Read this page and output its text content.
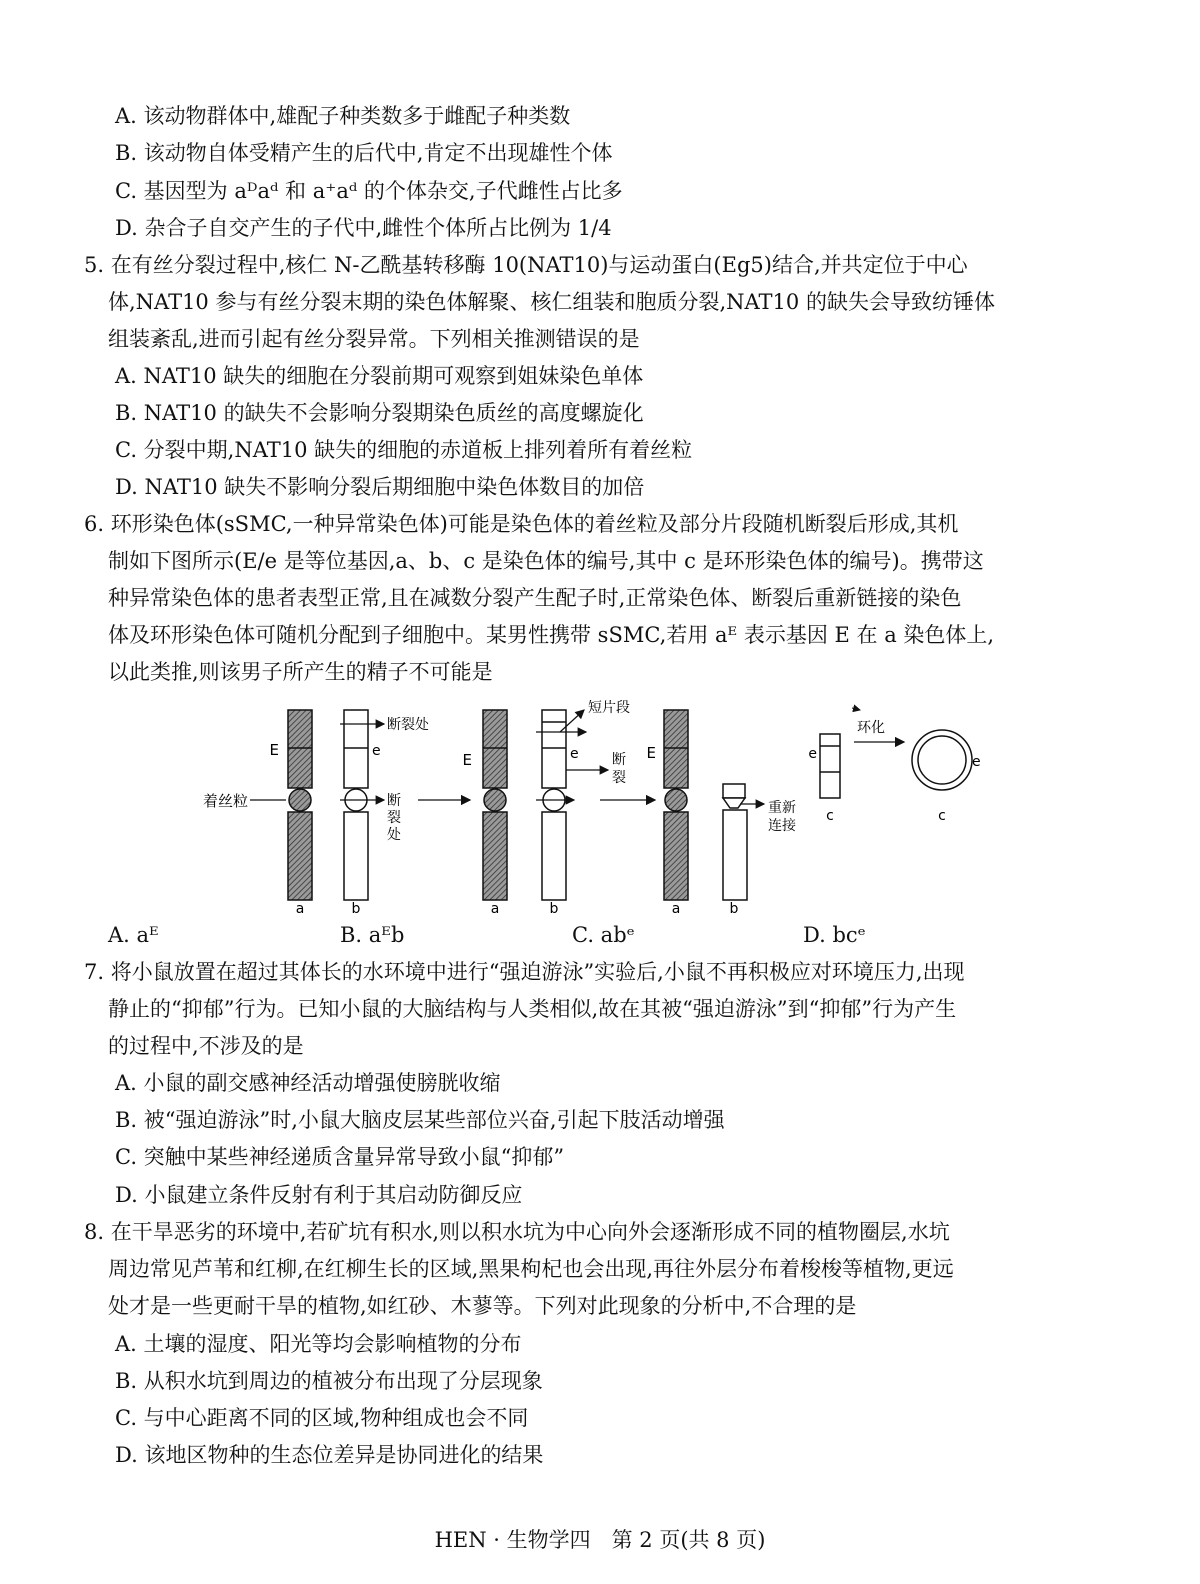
A. 该动物群体中,雄配子种类数多于雌配子种类数
B. 该动物自体受精产生的后代中,肯定不出现雄性个体
C. 基因型为 aᴰaᵈ 和 a⁺aᵈ 的个体杂交,子代雌性占比多
D. 杂合子自交产生的子代中,雌性个体所占比例为 1/4
5. 在有丝分裂过程中,核仁 N-乙酰基转移酶 10(NAT10)与运动蛋白(Eg5)结合,并共定位于中心
体,NAT10 参与有丝分裂末期的染色体解聚、核仁组装和胞质分裂,NAT10 的缺失会导致纺锤体
组装紊乱,进而引起有丝分裂异常。下列相关推测错误的是
A. NAT10 缺失的细胞在分裂前期可观察到姐妹染色单体
B. NAT10 的缺失不会影响分裂期染色质丝的高度螺旋化
C. 分裂中期,NAT10 缺失的细胞的赤道板上排列着所有着丝粒
D. NAT10 缺失不影响分裂后期细胞中染色体数目的加倍
6. 环形染色体(sSMC,一种异常染色体)可能是染色体的着丝粒及部分片段随机断裂后形成,其机
制如下图所示(E/e 是等位基因,a、b、c 是染色体的编号,其中 c 是环形染色体的编号)。携带这
种异常染色体的患者表型正常,且在减数分裂产生配子时,正常染色体、断裂后重新链接的染色
体及环形染色体可随机分配到子细胞中。某男性携带 sSMC,若用 aᴱ 表示基因 E 在 a 染色体上,
以此类推,则该男子所产生的精子不可能是
E
着丝粒
a
e
断裂处
断
裂
处
b
E
a
短片段
e 断
裂
b
E
a
重新
连接
b
e
c
环化
e
c
A. aᴱ	B. aᴱb	C. abᵉ	D. bcᵉ
7. 将小鼠放置在超过其体长的水环境中进行“强迫游泳”实验后,小鼠不再积极应对环境压力,出现
静止的“抑郁”行为。已知小鼠的大脑结构与人类相似,故在其被“强迫游泳”到“抑郁”行为产生
的过程中,不涉及的是
A. 小鼠的副交感神经活动增强使膀胱收缩
B. 被“强迫游泳”时,小鼠大脑皮层某些部位兴奋,引起下肢活动增强
C. 突触中某些神经递质含量异常导致小鼠“抑郁”
D. 小鼠建立条件反射有利于其启动防御反应
8. 在干旱恶劣的环境中,若矿坑有积水,则以积水坑为中心向外会逐渐形成不同的植物圈层,水坑
周边常见芦苇和红柳,在红柳生长的区域,黑果枸杞也会出现,再往外层分布着梭梭等植物,更远
处才是一些更耐干旱的植物,如红砂、木蓼等。下列对此现象的分析中,不合理的是
A. 土壤的湿度、阳光等均会影响植物的分布
B. 从积水坑到周边的植被分布出现了分层现象
C. 与中心距离不同的区域,物种组成也会不同
D. 该地区物种的生态位差异是协同进化的结果
HEN · 生物学四　第 2 页(共 8 页)
